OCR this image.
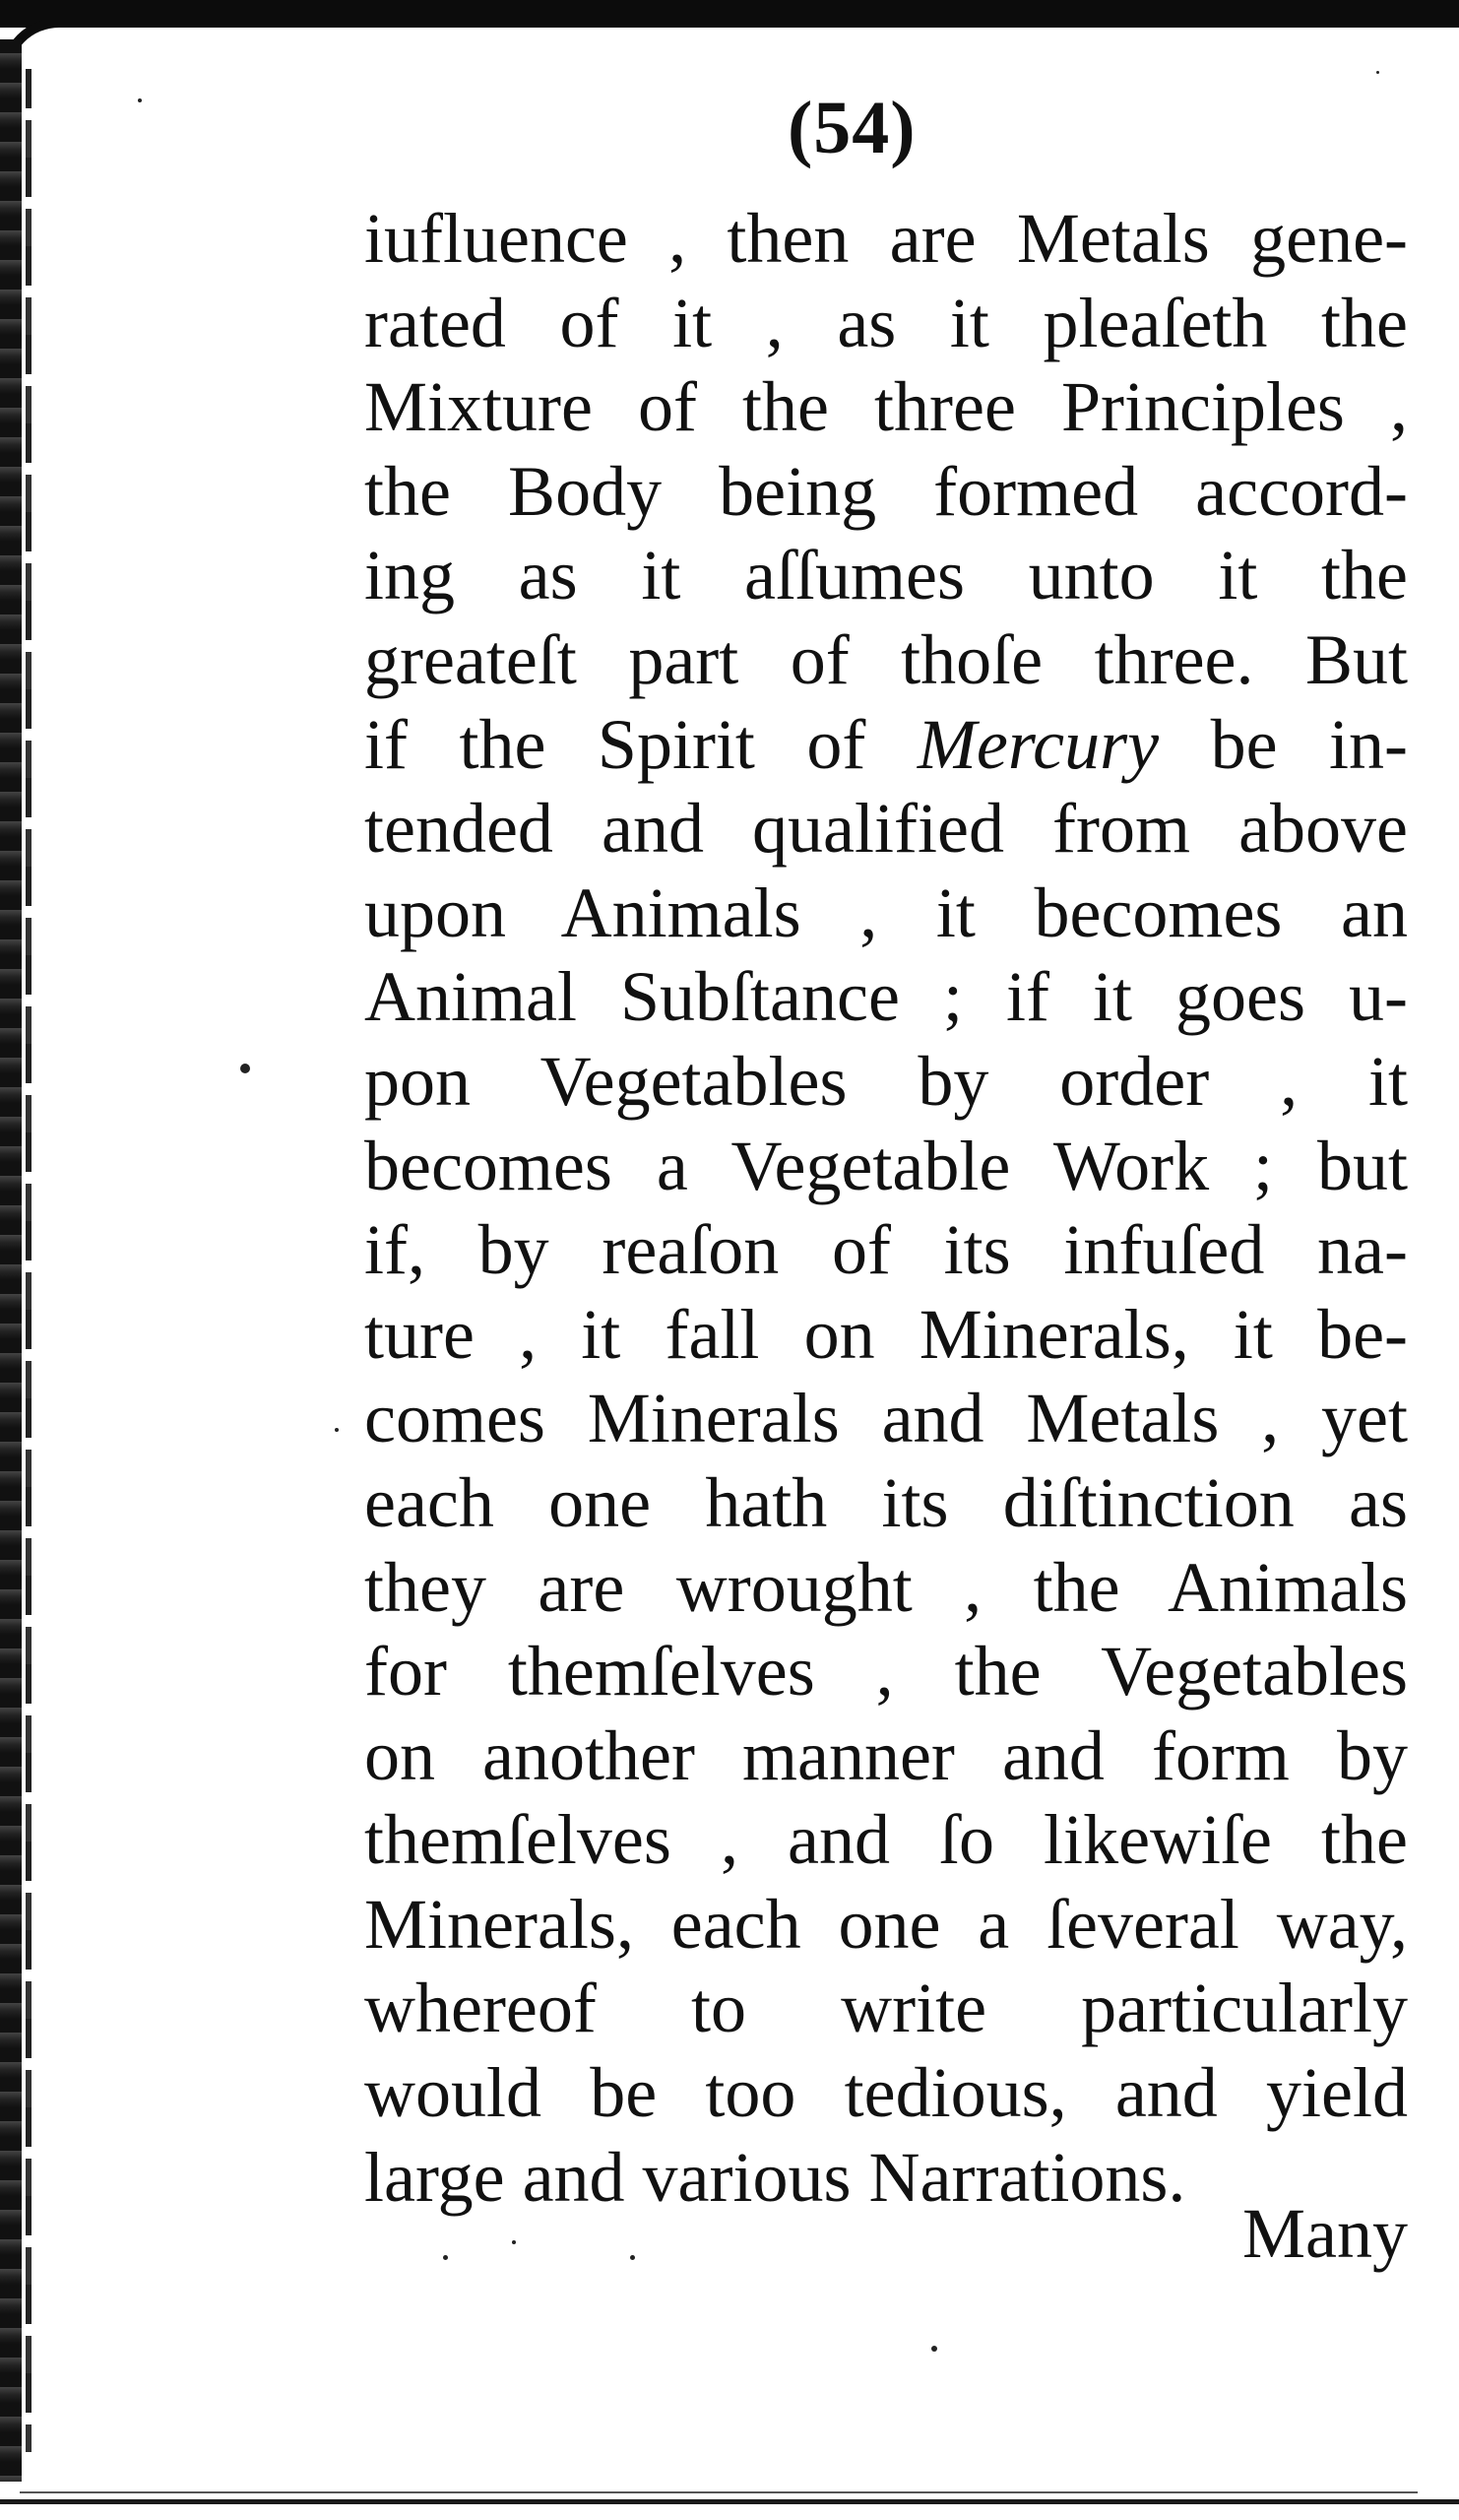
(54)
iufluence , then are Metals gene-
rated of it , as it pleaſeth the
Mixture of the three Principles ,
the Body being formed accord-
ing as it aſſumes unto it the
greateſt part of thoſe three. But
if the Spirit of Mercury be in-
tended and qualified from above
upon Animals , it becomes an
Animal Subſtance ; if it goes u-
pon Vegetables by order , it
becomes a Vegetable Work ; but
if, by reaſon of its infuſed na-
ture , it fall on Minerals, it be-
comes Minerals and Metals , yet
each one hath its diſtinction as
they are wrought , the Animals
for themſelves , the Vegetables
on another manner and form by
themſelves , and ſo likewiſe the
Minerals, each one a ſeveral way,
whereof to write particularly
would be too tedious, and yield
large and various Narrations.

Many
